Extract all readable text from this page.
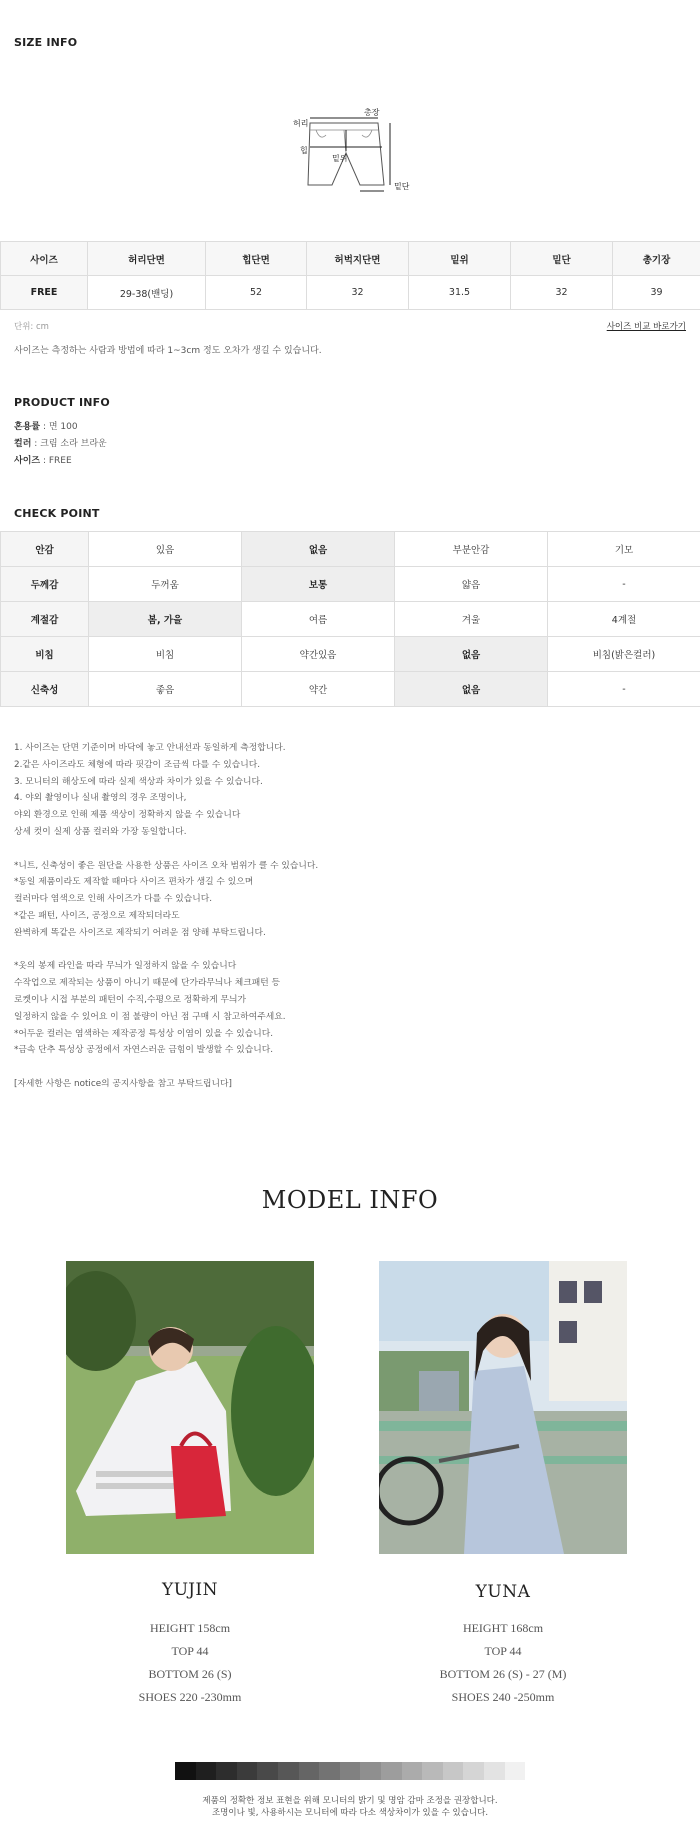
SIZE INFO
총장
허리
힙
밑위
밑단
사이즈	허리단면	힙단면	허벅지단면	밑위	밑단	총기장
FREE	29-38(밴딩)	52	32	31.5	32	39
단위: cm	사이즈 비교 바로가기
사이즈는 측정하는 사람과 방법에 따라 1~3cm 정도 오차가 생길 수 있습니다.
PRODUCT INFO
혼용률 : 면 100
컬러 : 크림 소라 브라운
사이즈 : FREE
CHECK POINT
안감	있음	없음	부분안감	기모
두께감	두꺼움	보통	얇음	-
계절감	봄, 가을	여름	겨울	4계절
비침	비침	약간있음	없음	비침(밝은컬러)
신축성	좋음	약간	없음	-
1. 사이즈는 단면 기준이며 바닥에 놓고 안내선과 동일하게 측정합니다.
2.같은 사이즈라도 체형에 따라 핏감이 조금씩 다를 수 있습니다.
3. 모니터의 해상도에 따라 실제 색상과 차이가 있을 수 있습니다.
4. 야외 촬영이나 실내 촬영의 경우 조명이나,
야외 환경으로 인해 제품 색상이 정확하지 않을 수 있습니다
상세 컷이 실제 상품 컬러와 가장 동일합니다.
*니트, 신축성이 좋은 원단을 사용한 상품은 사이즈 오차 범위가 클 수 있습니다.
*동일 제품이라도 제작할 때마다 사이즈 편차가 생길 수 있으며
컬러마다 염색으로 인해 사이즈가 다를 수 있습니다.
*같은 패턴, 사이즈, 공정으로 제작되더라도
완벽하게 똑같은 사이즈로 제작되기 어려운 점 양해 부탁드립니다.
*옷의 봉제 라인을 따라 무늬가 일정하지 않을 수 있습니다
수작업으로 제작되는 상품이 아니기 때문에 단가라무늬나 체크패턴 등
로켓이나 시접 부분의 패턴이 수직,수평으로 정확하게 무늬가
일정하지 않을 수 있어요 이 점 불량이 아닌 점 구매 시 참고하여주세요.
*어두운 컬러는 염색하는 제작공정 특성상 이염이 있을 수 있습니다.
*금속 단추 특성상 공정에서 자연스러운 금힘이 발생할 수 있습니다.
[자세한 사항은 notice의 공지사항을 참고 부탁드립니다]
MODEL INFO
YUJIN
HEIGHT 158cm
TOP 44
BOTTOM 26 (S)
SHOES 220 -230mm
YUNA
HEIGHT 168cm
TOP 44
BOTTOM 26 (S) - 27 (M)
SHOES 240 -250mm
제품의 정확한 정보 표현을 위해 모니터의 밝기 및 명암 감마 조정을 권장합니다.
조명이나 빛, 사용하시는 모니터에 따라 다소 색상차이가 있을 수 있습니다.
